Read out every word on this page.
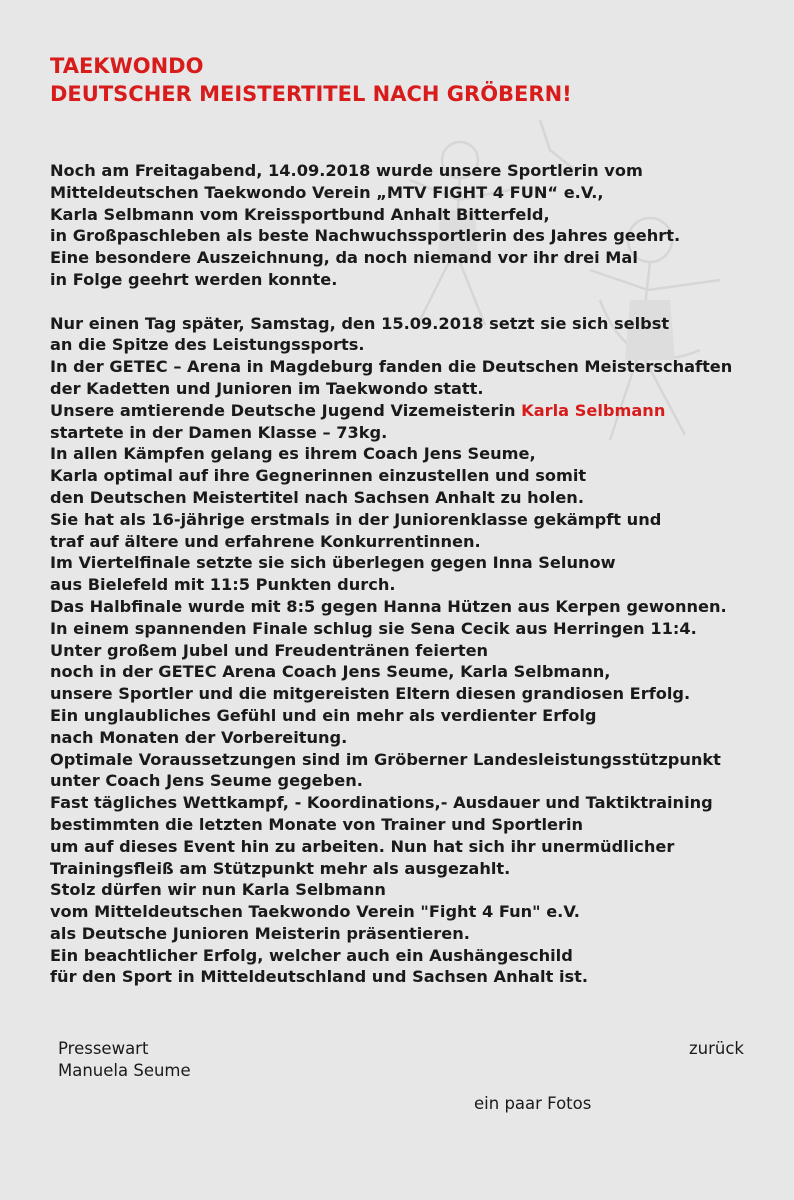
TAEKWONDO
DEUTSCHER MEISTERTITEL NACH GRÖBERN!
Noch am Freitagabend, 14.09.2018 wurde unsere Sportlerin vom
Mitteldeutschen Taekwondo Verein „MTV FIGHT 4 FUN“ e.V.,
Karla Selbmann vom Kreissportbund Anhalt Bitterfeld,
in Großpaschleben als beste Nachwuchssportlerin des Jahres geehrt.
Eine besondere Auszeichnung, da noch niemand vor ihr drei Mal
in Folge geehrt werden konnte.
Nur einen Tag später, Samstag, den 15.09.2018 setzt sie sich selbst
an die Spitze des Leistungssports.
In der GETEC – Arena in Magdeburg fanden die Deutschen Meisterschaften
der Kadetten und Junioren im Taekwondo statt.
Unsere amtierende Deutsche Jugend Vizemeisterin Karla Selbmann
startete in der Damen Klasse – 73kg.
In allen Kämpfen gelang es ihrem Coach Jens Seume,
Karla optimal auf ihre Gegnerinnen einzustellen und somit
den Deutschen Meistertitel nach Sachsen Anhalt zu holen.
Sie hat als 16-jährige erstmals in der Juniorenklasse gekämpft und
traf auf ältere und erfahrene Konkurrentinnen.
Im Viertelfinale setzte sie sich überlegen gegen Inna Selunow
aus Bielefeld mit 11:5 Punkten durch.
Das Halbfinale wurde mit 8:5 gegen Hanna Hützen aus Kerpen gewonnen.
In einem spannenden Finale schlug sie Sena Cecik aus Herringen 11:4.
Unter großem Jubel und Freudentränen feierten
noch in der GETEC Arena Coach Jens Seume, Karla Selbmann,
unsere Sportler und die mitgereisten Eltern diesen grandiosen Erfolg.
Ein unglaubliches Gefühl und ein mehr als verdienter Erfolg
nach Monaten der Vorbereitung.
Optimale Voraussetzungen sind im Gröberner Landesleistungsstützpunkt
unter Coach Jens Seume gegeben.
Fast tägliches Wettkampf, - Koordinations,- Ausdauer und Taktiktraining
bestimmten die letzten Monate von Trainer und Sportlerin
um auf dieses Event hin zu arbeiten. Nun hat sich ihr unermüdlicher
Trainingsfleiß am Stützpunkt mehr als ausgezahlt.
Stolz dürfen wir nun Karla Selbmann
vom Mitteldeutschen Taekwondo Verein "Fight 4 Fun" e.V.
als Deutsche Junioren Meisterin präsentieren.
Ein beachtlicher Erfolg, welcher auch ein Aushängeschild
für den Sport in Mitteldeutschland und Sachsen Anhalt ist.
Pressewart
Manuela Seume
zurück
ein paar Fotos
